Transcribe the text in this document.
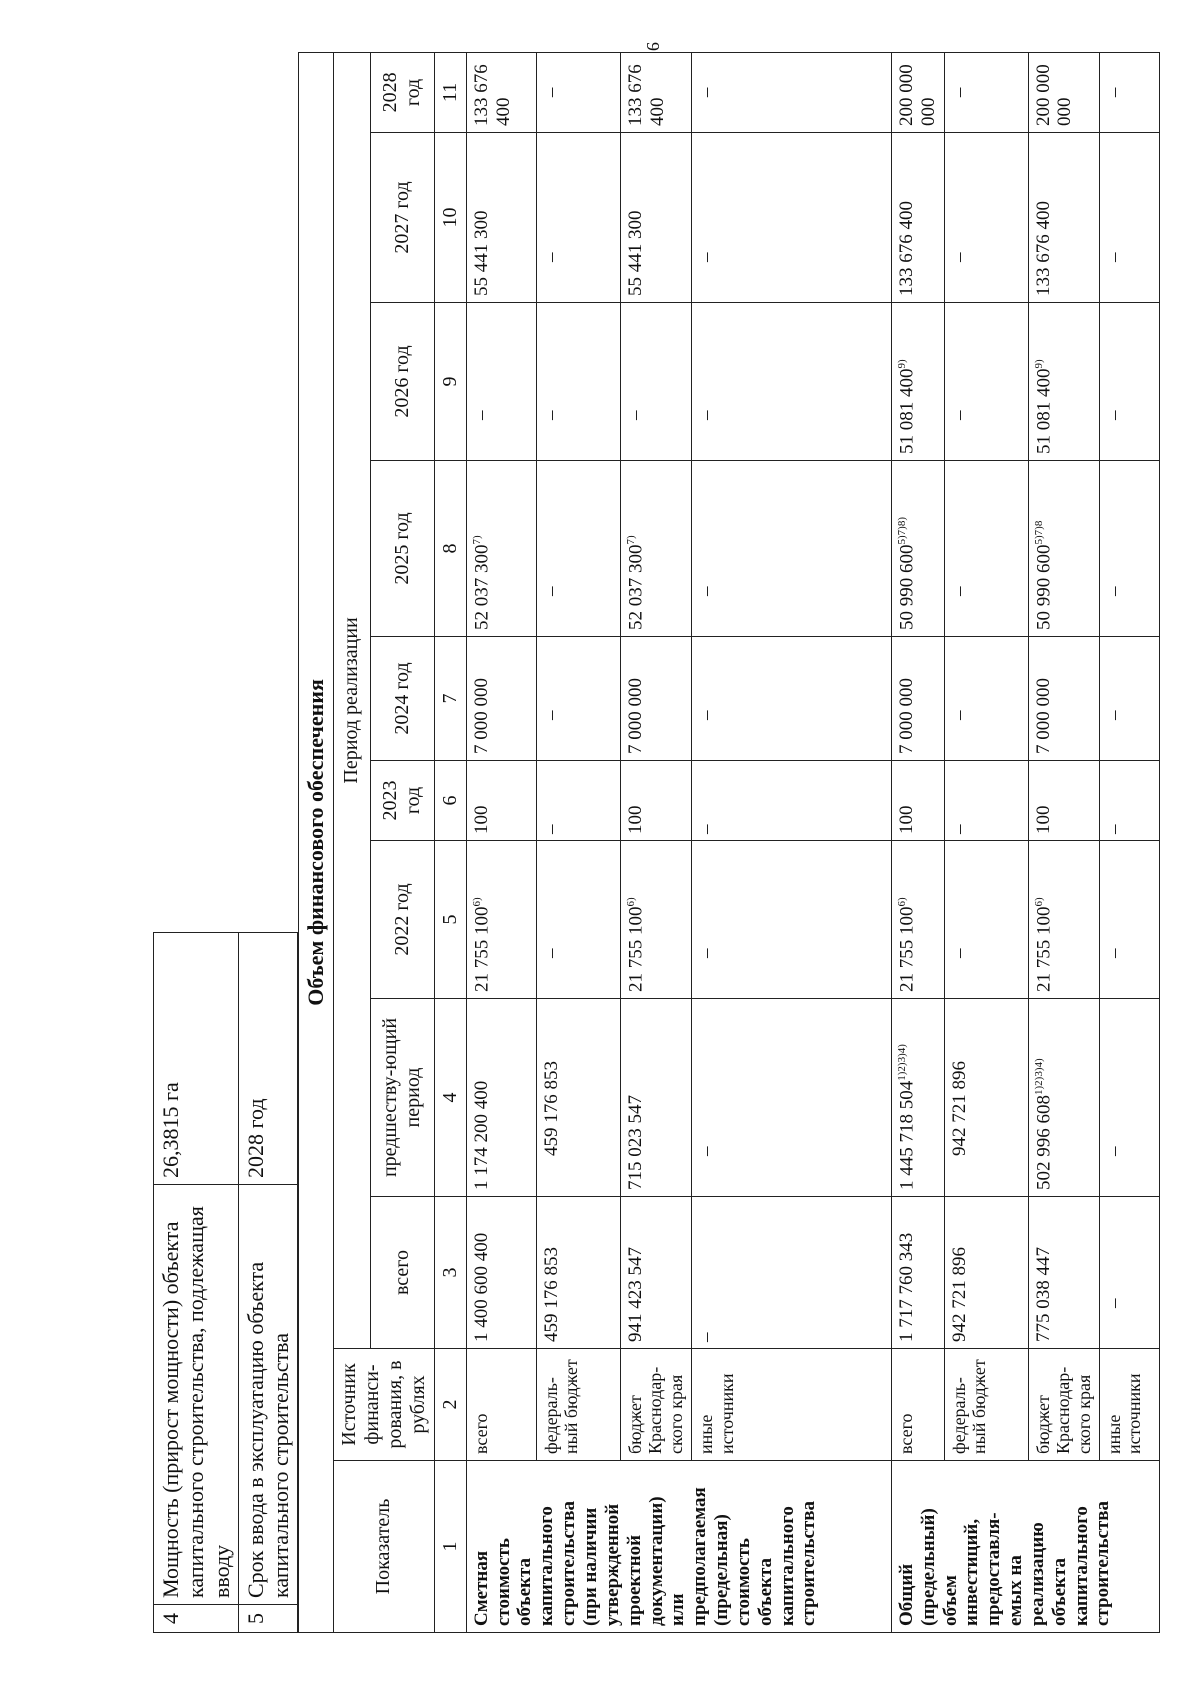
9
4	Мощность (прирост мощности) объекта капитального строительства, подлежащая вводу	26,3815 га
5	Срок ввода в эксплуатацию объекта капитального строительства	2028 год
Объем финансового обеспечения										
Показатель	Источник финанси-рования, в рублях	Период реализации								
		всего	предшеству-ющий период	2022 год	2023 год	2024 год	2025 год	2026 год	2027 год	2028 год
1	2	3	4	5	6	7	8	9	10	11
Сметная стоимость объекта капитального строительства (при наличии утвержденной проектной документации) или предполагаемая (предельная) стоимость объекта капитального строительства	всего	1 400 600 400	1 174 200 400	21 755 100$^{6)}$	100	7 000 000	52 037 300$^{7)}$	–	55 441 300	133 676 400
	федераль-ный бюджет	459 176 853	459 176 853	–	–	–	–	–	–	–
	бюджет Краснодар-ского края	941 423 547	715 023 547	21 755 100$^{6)}$	100	7 000 000	52 037 300$^{7)}$	–	55 441 300	133 676 400
	иные источники	–	–	–	–	–	–	–	–	–
Общий (предельный) объем инвестиций, предоставля-емых на реализацию объекта капитального строительства	всего	1 717 760 343	1 445 718 $504^{1)2)3)4)}$	21 755 100$^{6)}$	100	7 000 000	50 990 $600^{5)7)8)}$	51 081 400$^{9)}$	133 676 400	200 000 000
	федераль-ный бюджет	942 721 896	942 721 896	–	–	–	–	–	–	–
	бюджет Краснодар-ского края	775 038 447	502 996 $608^{1)2)3)4)}$	21 755 100$^{6)}$	100	7 000 000	50 990 $600^{5)7)8}$	51 081 400$^{9)}$	133 676 400	200 000 000
	иные источники	–	–	–	–	–	–	–	–	–
